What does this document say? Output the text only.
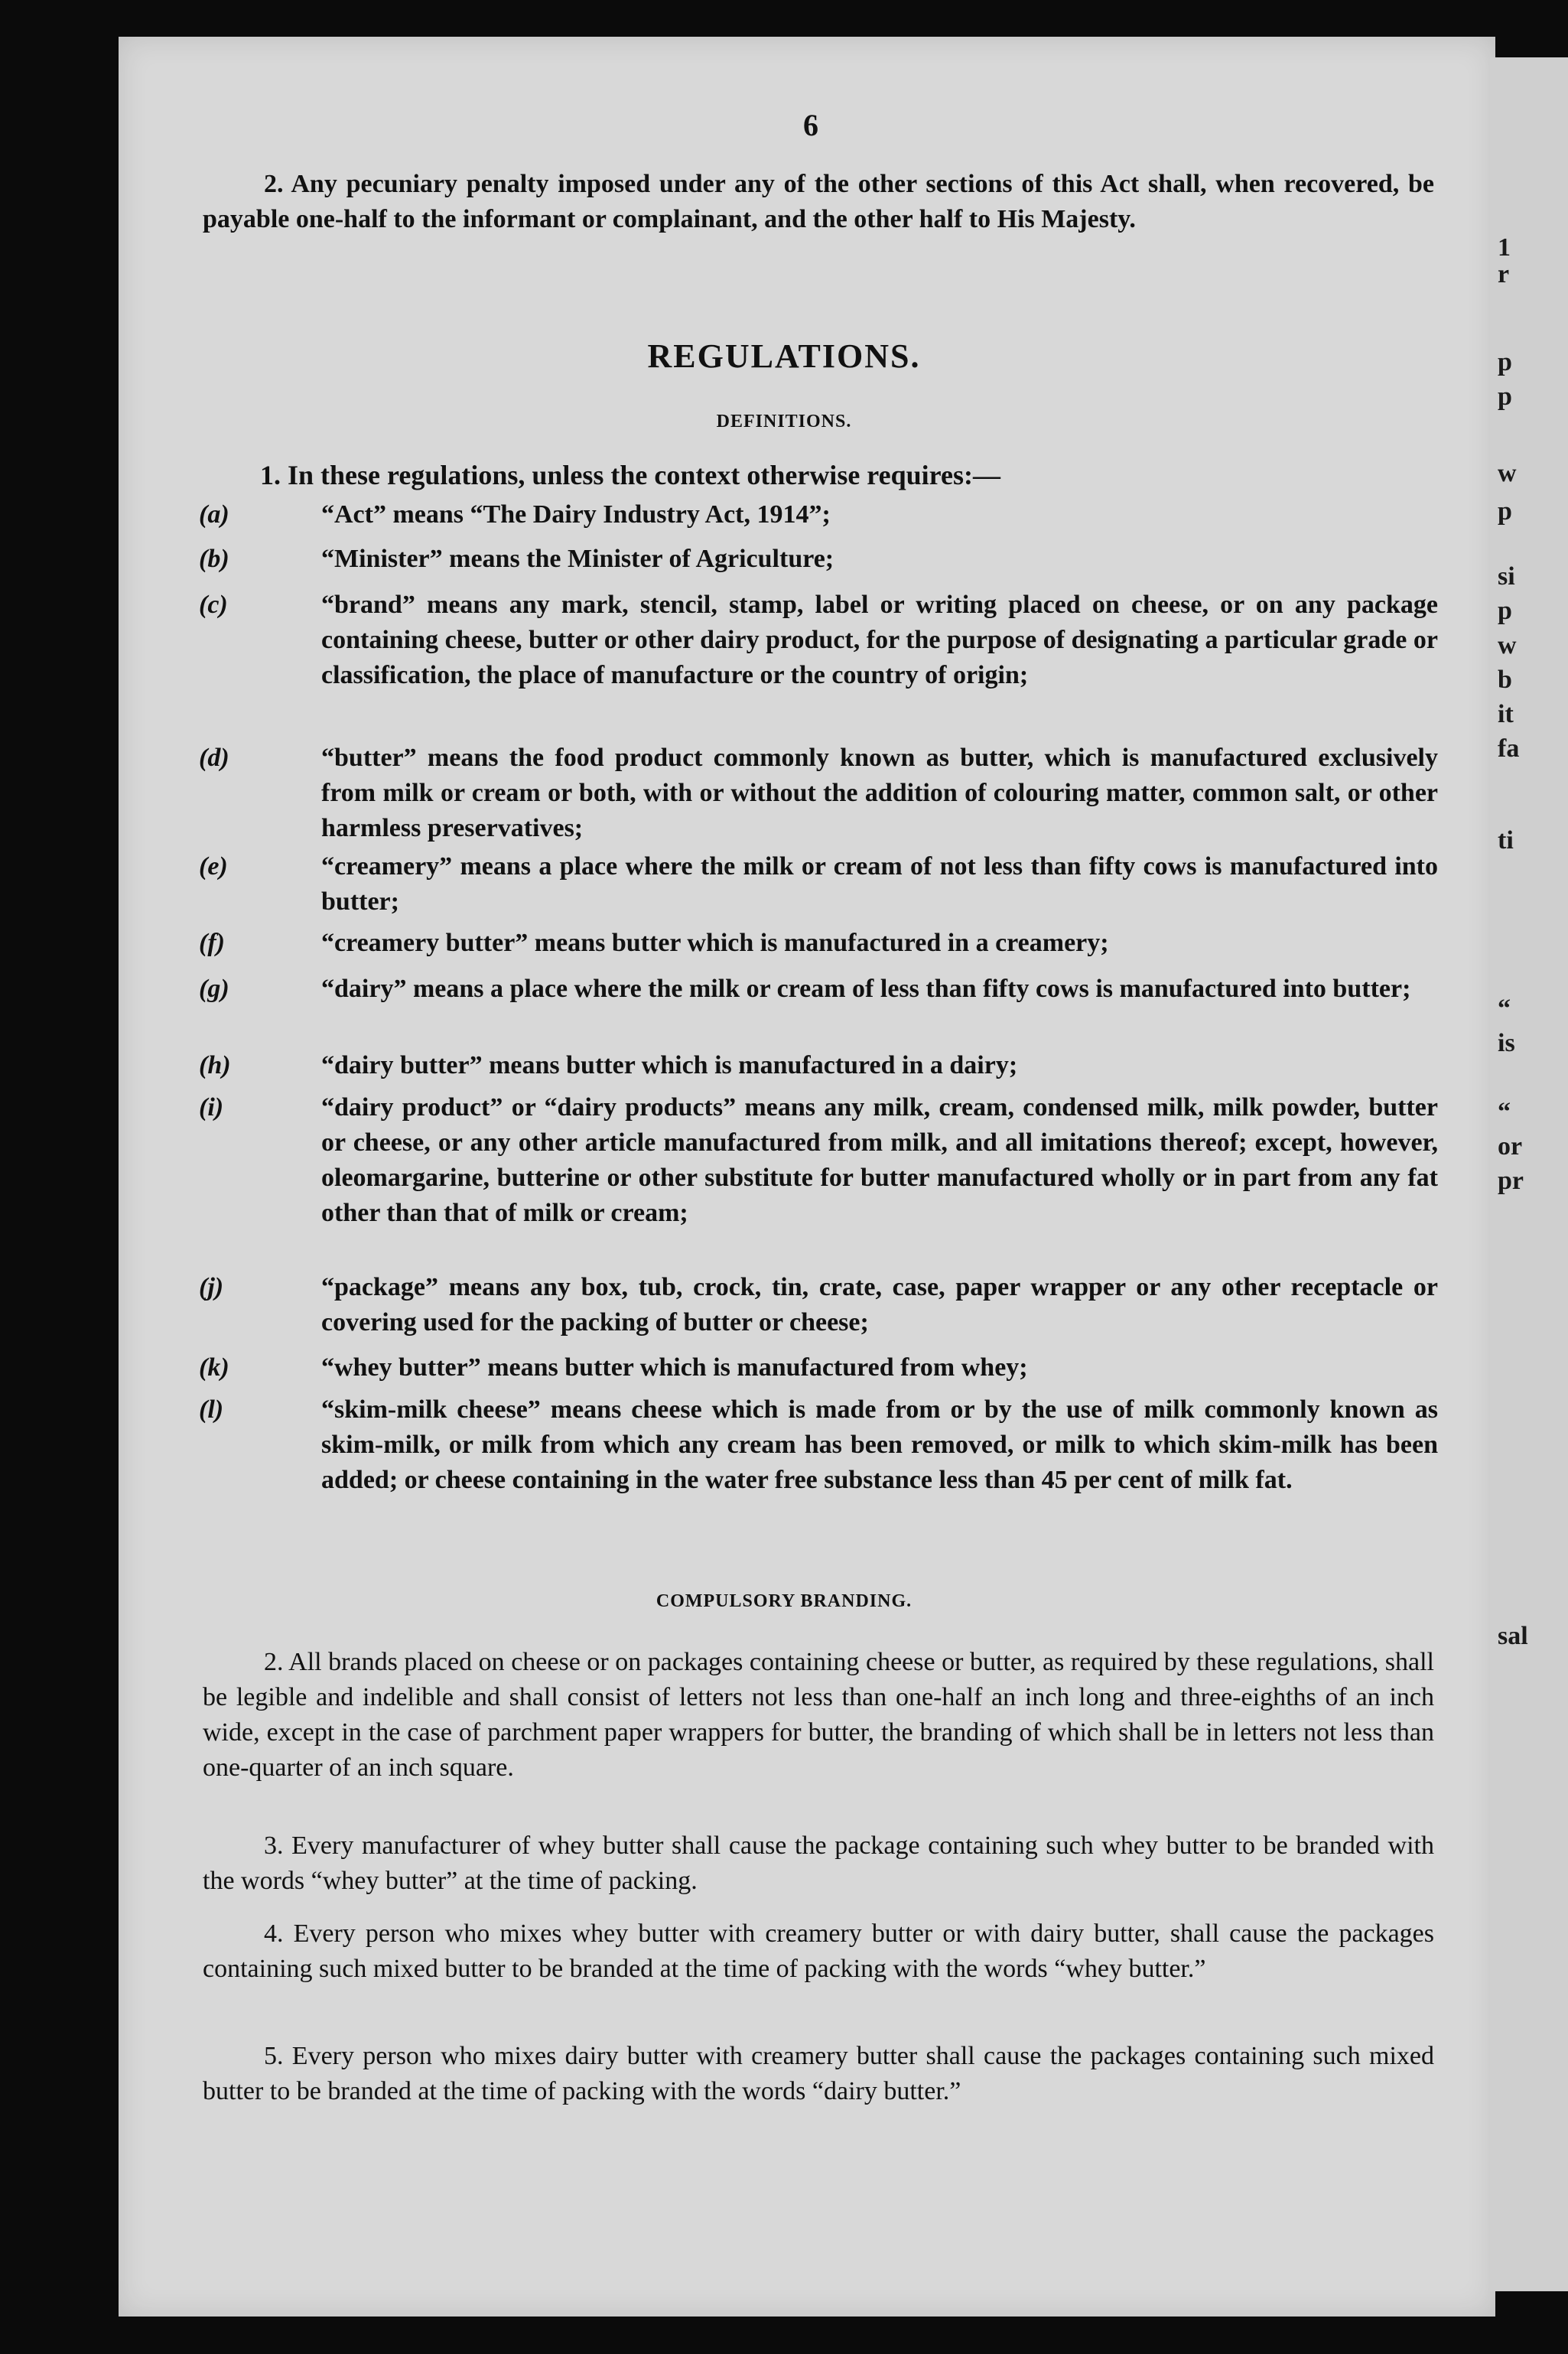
1
r
p
p
w
p
si
p
w
b
it
fa
ti
“
is
“
or
pr
sal
6
2. Any pecuniary penalty imposed under any of the other sections of this Act shall, when recovered, be payable one-half to the informant or complainant, and the other half to His Majesty.
REGULATIONS.
DEFINITIONS.
1. In these regulations, unless the context otherwise requires:—
(a)	“Act” means “The Dairy Industry Act, 1914”;
(b)	“Minister” means the Minister of Agriculture;
(c)	“brand” means any mark, stencil, stamp, label or writing placed on cheese, or on any package containing cheese, butter or other dairy product, for the purpose of designating a particular grade or classification, the place of manufacture or the country of origin;
(d)	“butter” means the food product commonly known as butter, which is manufactured exclusively from milk or cream or both, with or without the addition of colouring matter, common salt, or other harmless preservatives;
(e)	“creamery” means a place where the milk or cream of not less than fifty cows is manufactured into butter;
(f)	“creamery butter” means butter which is manufactured in a creamery;
(g)	“dairy” means a place where the milk or cream of less than fifty cows is manufactured into butter;
(h)	“dairy butter” means butter which is manufactured in a dairy;
(i)	“dairy product” or “dairy products” means any milk, cream, condensed milk, milk powder, butter or cheese, or any other article manufactured from milk, and all imitations thereof; except, however, oleomargarine, butterine or other substitute for butter manufactured wholly or in part from any fat other than that of milk or cream;
(j)	“package” means any box, tub, crock, tin, crate, case, paper wrapper or any other receptacle or covering used for the packing of butter or cheese;
(k)	“whey butter” means butter which is manufactured from whey;
(l)	“skim-milk cheese” means cheese which is made from or by the use of milk commonly known as skim-milk, or milk from which any cream has been removed, or milk to which skim-milk has been added; or cheese containing in the water free substance less than 45 per cent of milk fat.
COMPULSORY BRANDING.
2. All brands placed on cheese or on packages containing cheese or butter, as required by these regulations, shall be legible and indelible and shall consist of letters not less than one-half an inch long and three-eighths of an inch wide, except in the case of parchment paper wrappers for butter, the branding of which shall be in letters not less than one-quarter of an inch square.
3. Every manufacturer of whey butter shall cause the package containing such whey butter to be branded with the words “whey butter” at the time of packing.
4. Every person who mixes whey butter with creamery butter or with dairy butter, shall cause the packages containing such mixed butter to be branded at the time of packing with the words “whey butter.”
5. Every person who mixes dairy butter with creamery butter shall cause the packages containing such mixed butter to be branded at the time of packing with the words “dairy butter.”
